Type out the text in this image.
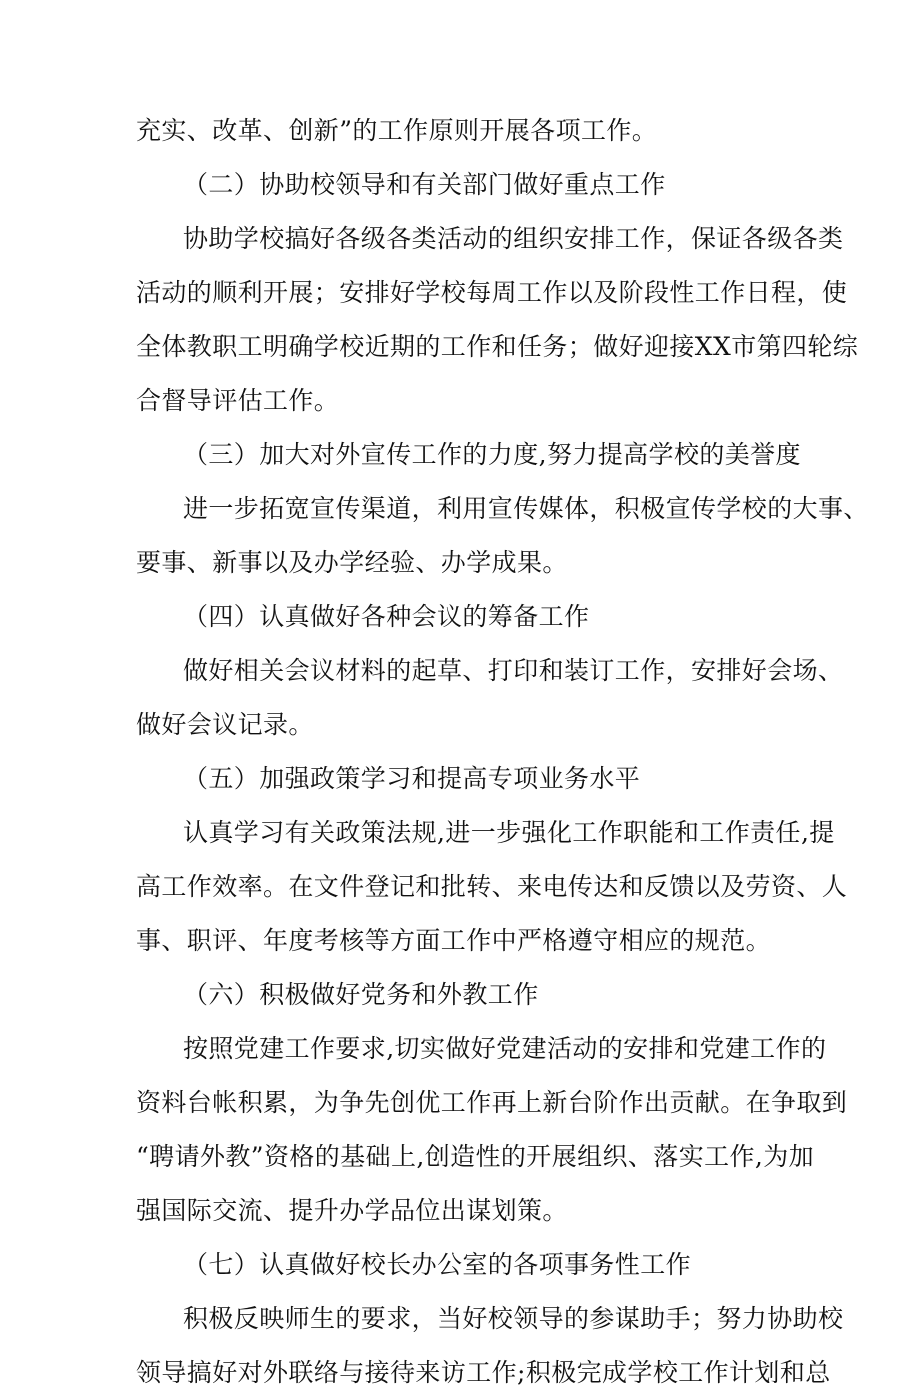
充实、改革、创新”的工作原则开展各项工作。
（二）协助校领导和有关部门做好重点工作
协助学校搞好各级各类活动的组织安排工作，保证各级各类
活动的顺利开展；安排好学校每周工作以及阶段性工作日程，使
全体教职工明确学校近期的工作和任务；做好迎接XX市第四轮综
合督导评估工作。
（三）加大对外宣传工作的力度,努力提高学校的美誉度
进一步拓宽宣传渠道，利用宣传媒体，积极宣传学校的大事、
要事、新事以及办学经验、办学成果。
（四）认真做好各种会议的筹备工作
做好相关会议材料的起草、打印和装订工作，安排好会场、
做好会议记录。
（五）加强政策学习和提高专项业务水平
认真学习有关政策法规,进一步强化工作职能和工作责任,提
高工作效率。在文件登记和批转、来电传达和反馈以及劳资、人
事、职评、年度考核等方面工作中严格遵守相应的规范。
（六）积极做好党务和外教工作
按照党建工作要求,切实做好党建活动的安排和党建工作的
资料台帐积累，为争先创优工作再上新台阶作出贡献。在争取到
“聘请外教”资格的基础上,创造性的开展组织、落实工作,为加
强国际交流、提升办学品位出谋划策。
（七）认真做好校长办公室的各项事务性工作
积极反映师生的要求，当好校领导的参谋助手；努力协助校
领导搞好对外联络与接待来访工作;积极完成学校工作计划和总
